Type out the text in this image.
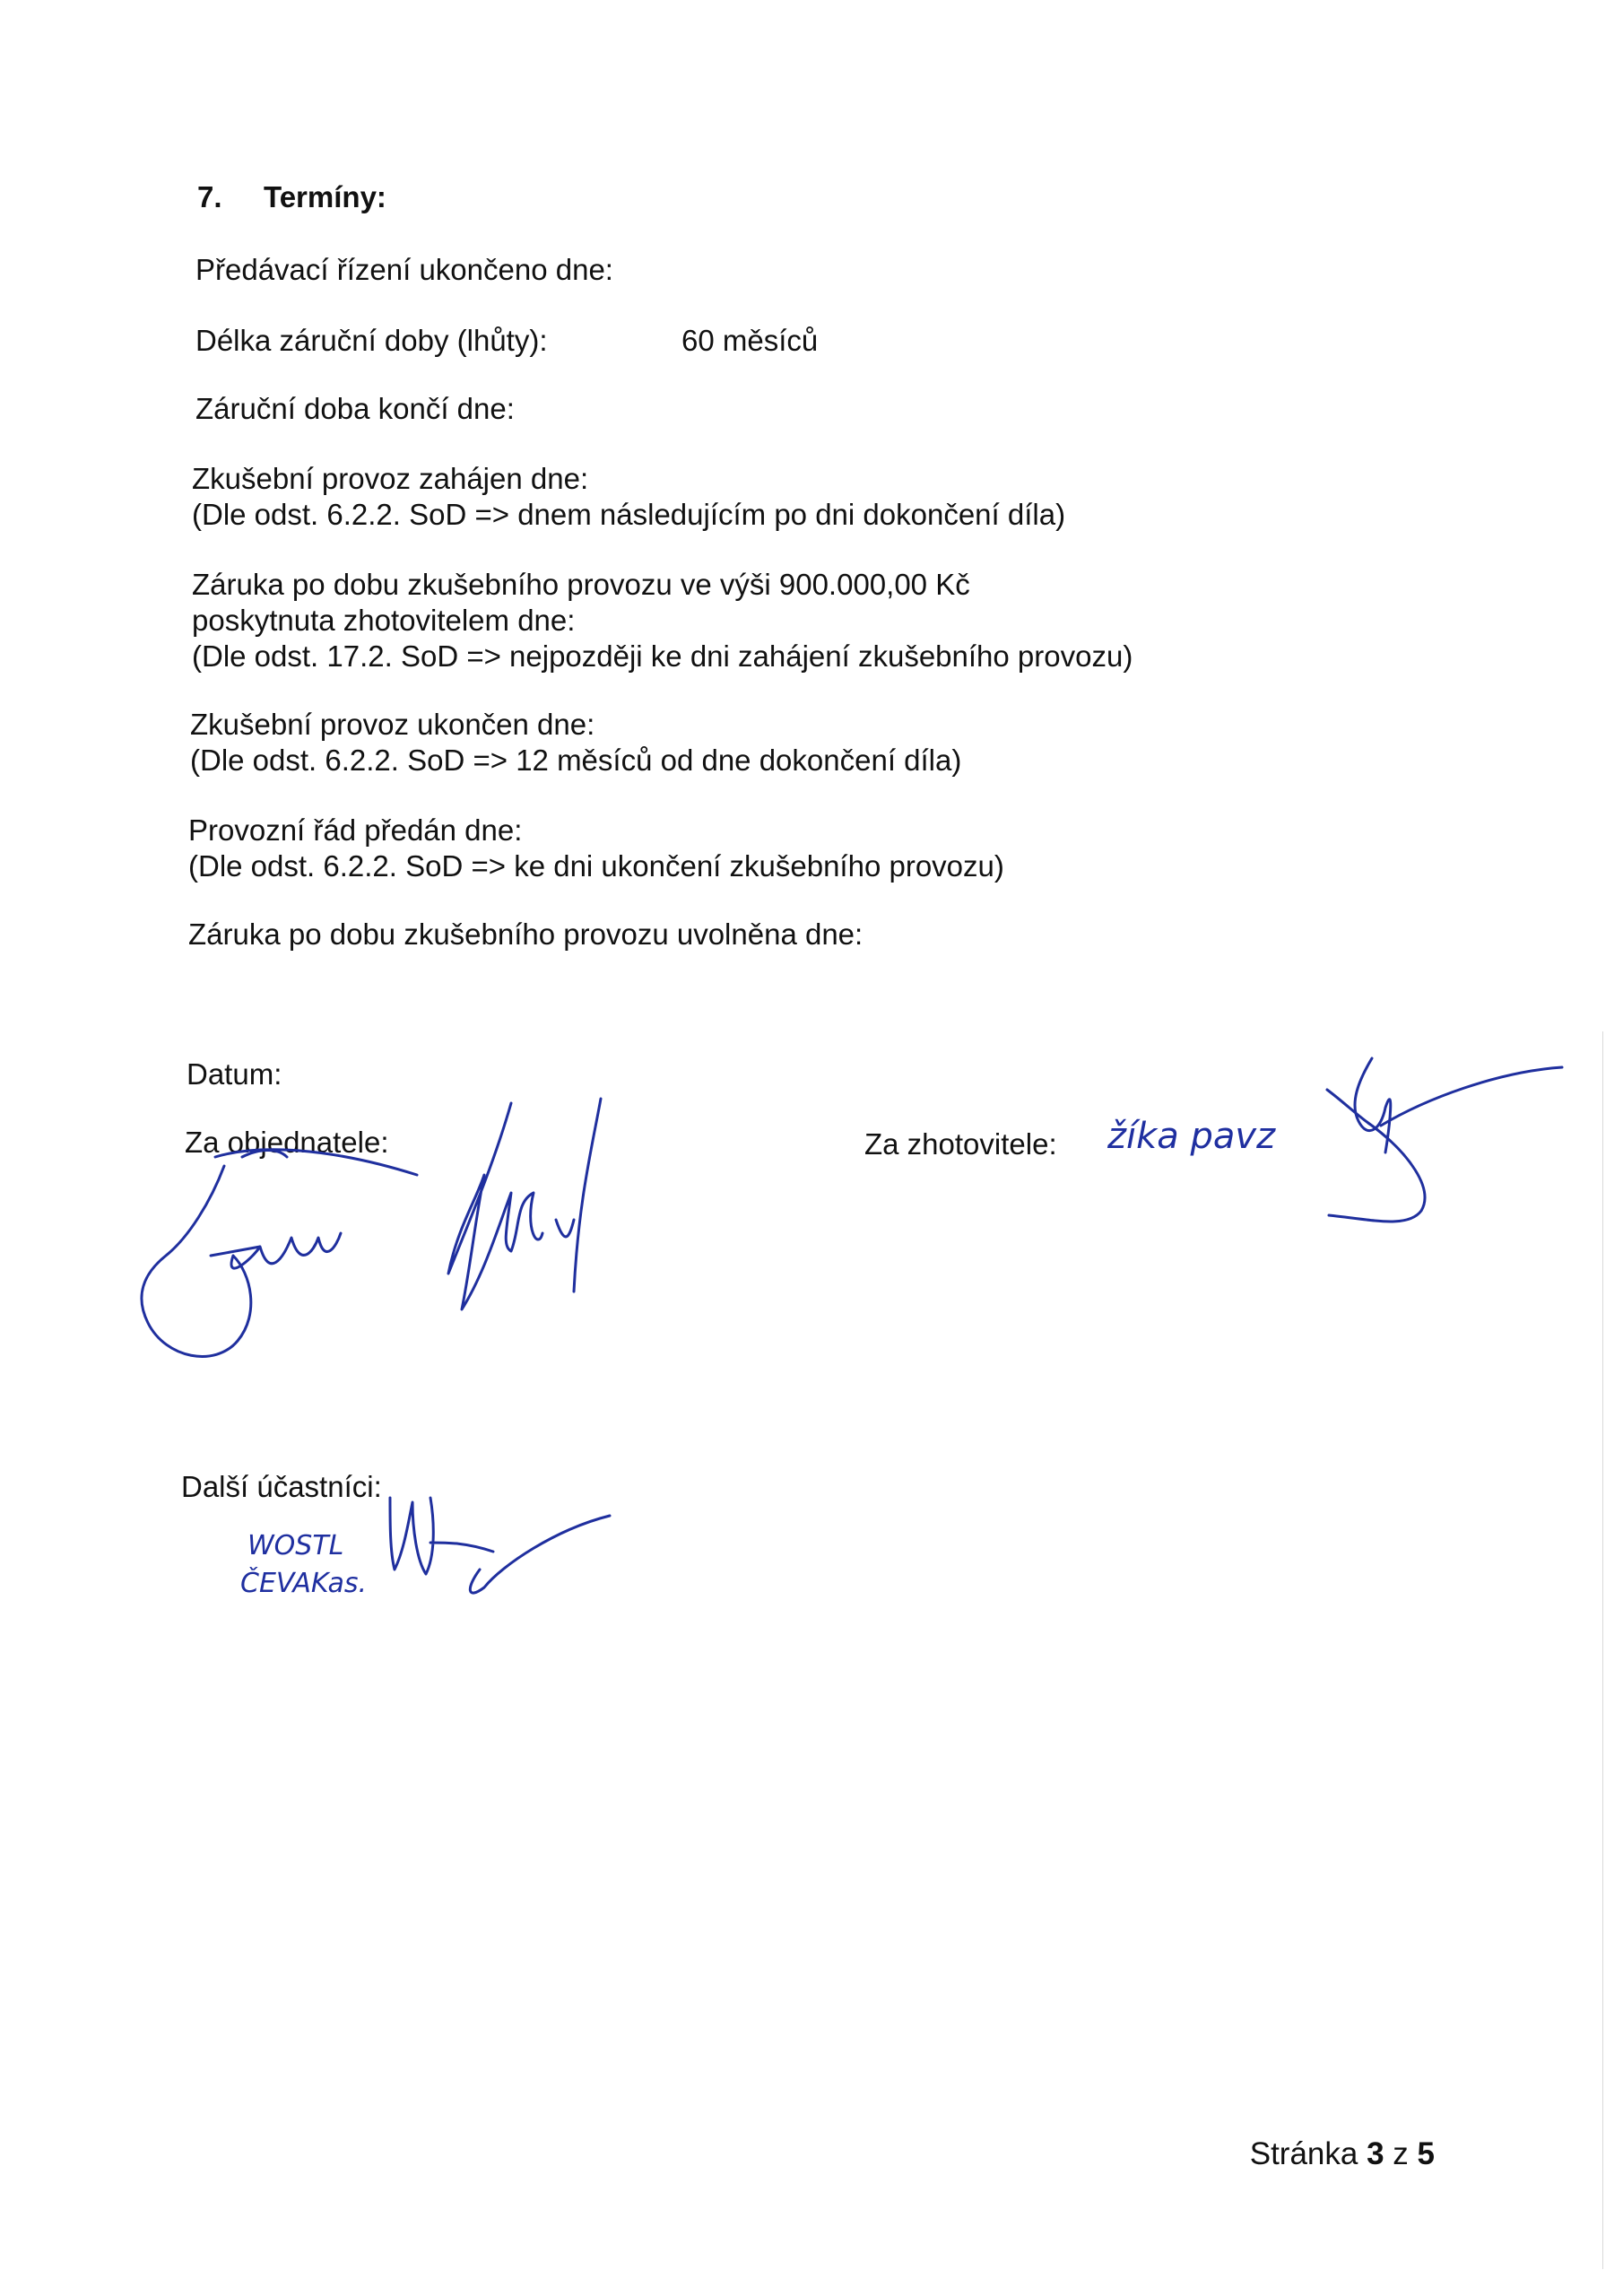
7. Termíny:
Předávací řízení ukončeno dne:
Délka záruční doby (lhůty):	60 měsíců
Záruční doba končí dne:
Zkušební provoz zahájen dne:
(Dle odst. 6.2.2. SoD => dnem následujícím po dni dokončení díla)
Záruka po dobu zkušebního provozu ve výši 900.000,00 Kč
poskytnuta zhotovitelem dne:
(Dle odst. 17.2. SoD => nejpozději ke dni zahájení zkušebního provozu)
Zkušební provoz ukončen dne:
(Dle odst. 6.2.2. SoD => 12 měsíců od dne dokončení díla)
Provozní řád předán dne:
(Dle odst. 6.2.2. SoD => ke dni ukončení zkušebního provozu)
Záruka po dobu zkušebního provozu uvolněna dne:
Datum:
Za objednatele:	Za zhotovitele: žíka pavz
Další účastníci:
WOSTL
ČEVAKas.
Stránka 3 z 5
